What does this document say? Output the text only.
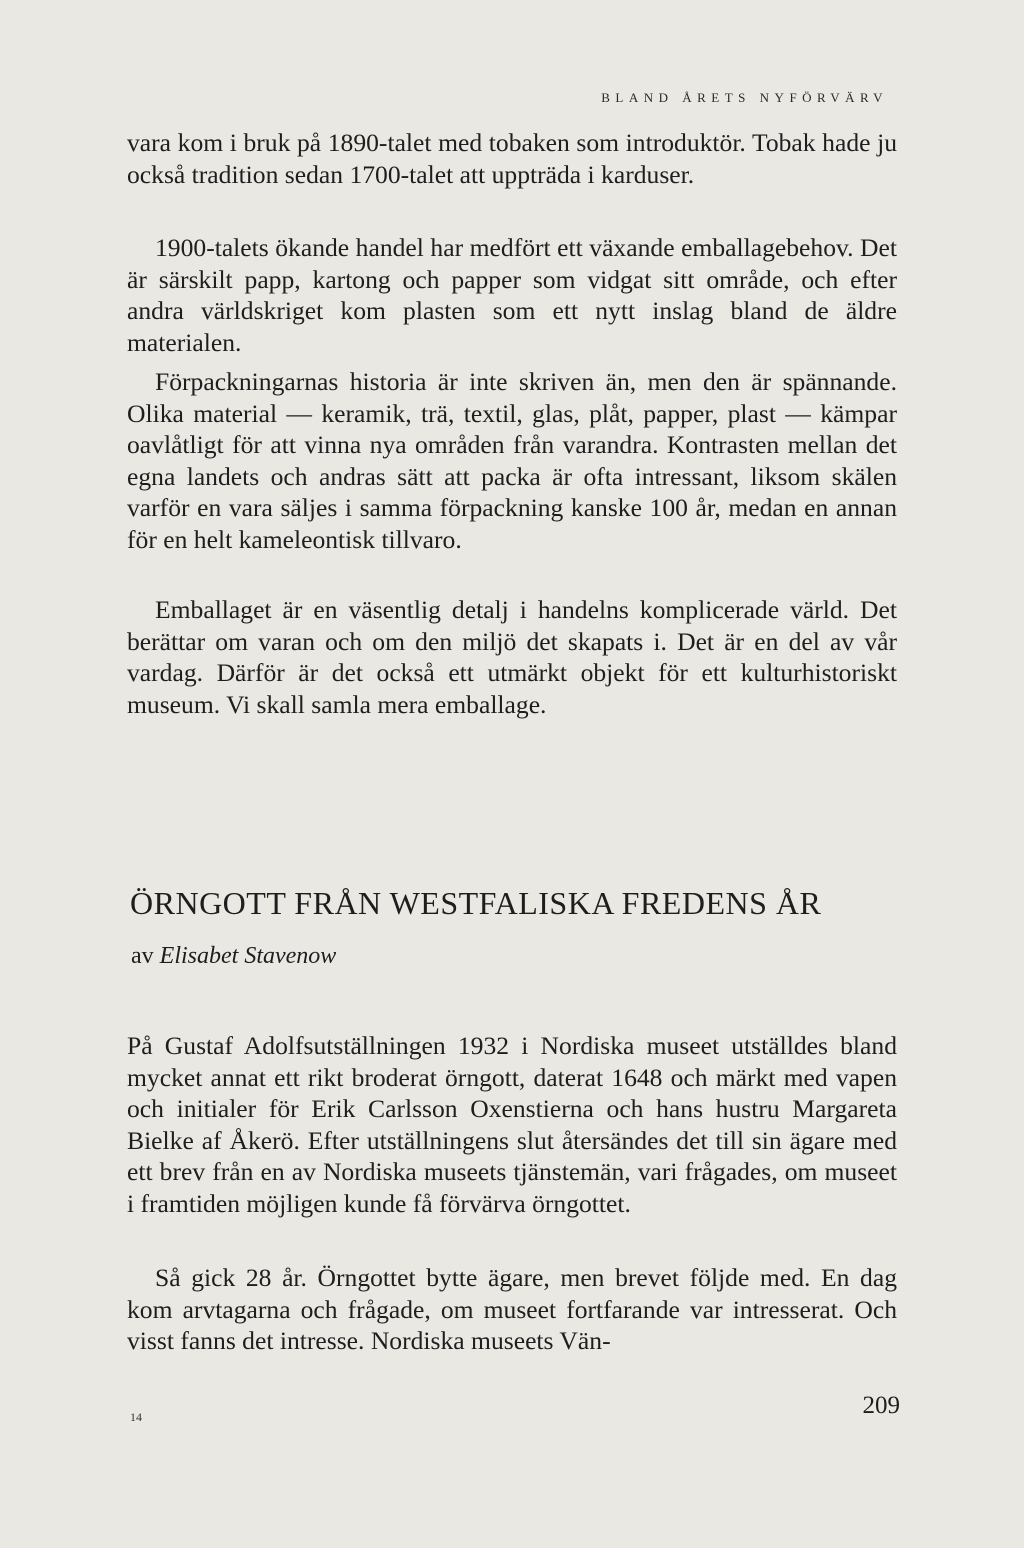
BLAND ÅRETS NYFÖRVÄRV

vara kom i bruk på 1890-talet med tobaken som introduktör. Tobak hade ju också tradition sedan 1700-talet att uppträda i karduser.

1900-talets ökande handel har medfört ett växande emballagebehov. Det är särskilt papp, kartong och papper som vidgat sitt område, och efter andra världskriget kom plasten som ett nytt inslag bland de äldre materialen.

Förpackningarnas historia är inte skriven än, men den är spännande. Olika material — keramik, trä, textil, glas, plåt, papper, plast — kämpar oavlåtligt för att vinna nya områden från varandra. Kontrasten mellan det egna landets och andras sätt att packa är ofta intressant, liksom skälen varför en vara säljes i samma förpackning kanske 100 år, medan en annan för en helt kameleontisk tillvaro.

Emballaget är en väsentlig detalj i handelns komplicerade värld. Det berättar om varan och om den miljö det skapats i. Det är en del av vår vardag. Därför är det också ett utmärkt objekt för ett kulturhistoriskt museum. Vi skall samla mera emballage.

ÖRNGOTT FRÅN WESTFALISKA FREDENS ÅR
av Elisabet Stavenow

På Gustaf Adolfsutställningen 1932 i Nordiska museet utställdes bland mycket annat ett rikt broderat örngott, daterat 1648 och märkt med vapen och initialer för Erik Carlsson Oxenstierna och hans hustru Margareta Bielke af Åkerö. Efter utställningens slut återsändes det till sin ägare med ett brev från en av Nordiska museets tjänstemän, vari frågades, om museet i framtiden möjligen kunde få förvärva örngottet.

Så gick 28 år. Örngottet bytte ägare, men brevet följde med. En dag kom arvtagarna och frågade, om museet fortfarande var intresserat. Och visst fanns det intresse. Nordiska museets Vän-

14	209
